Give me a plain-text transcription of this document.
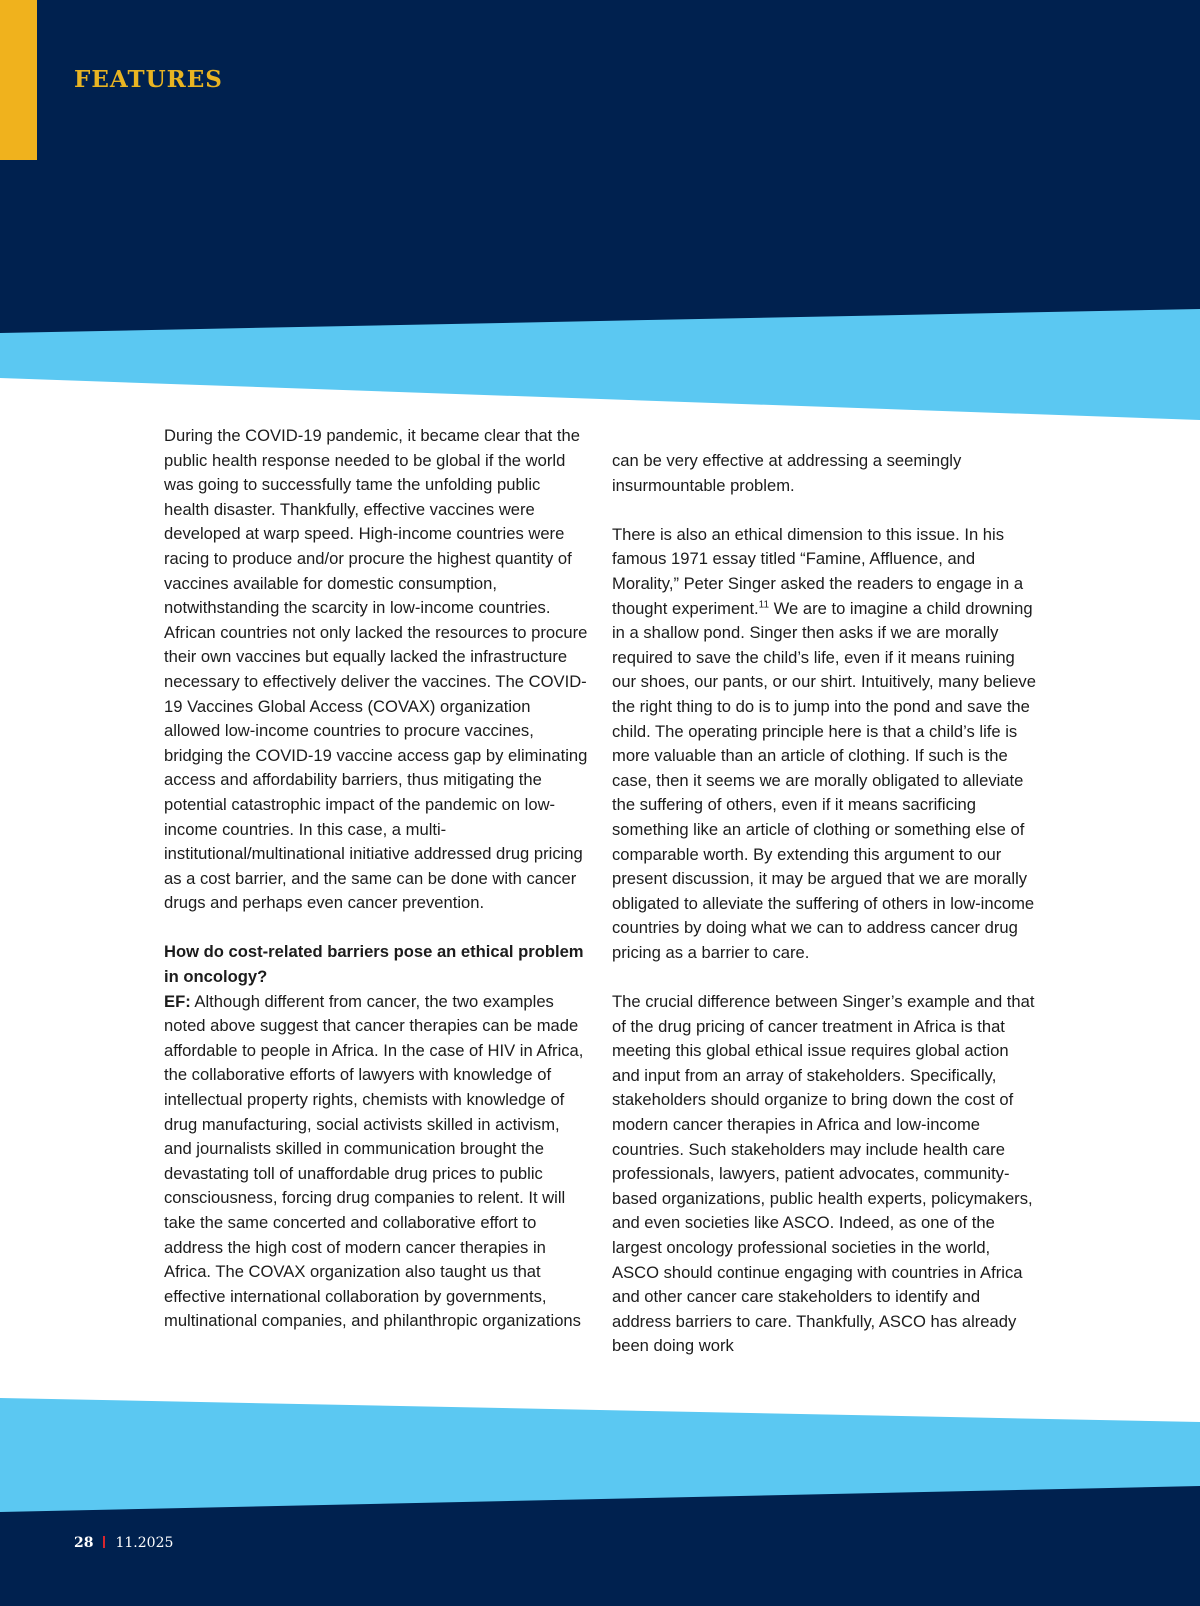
FEATURES

During the COVID-19 pandemic, it became clear that the public health response needed to be global if the world was going to successfully tame the unfolding public health disaster. Thankfully, effective vaccines were developed at warp speed. High-income countries were racing to produce and/or procure the highest quantity of vaccines available for domestic consumption, notwithstanding the scarcity in low-income countries. African countries not only lacked the resources to procure their own vaccines but equally lacked the infrastructure necessary to effectively deliver the vaccines. The COVID-19 Vaccines Global Access (COVAX) organization allowed low-income countries to procure vaccines, bridging the COVID-19 vaccine access gap by eliminating access and affordability barriers, thus mitigating the potential catastrophic impact of the pandemic on low-income countries. In this case, a multi-institutional/multinational initiative addressed drug pricing as a cost barrier, and the same can be done with cancer drugs and perhaps even cancer prevention.

How do cost-related barriers pose an ethical problem in oncology?

EF: Although different from cancer, the two examples noted above suggest that cancer therapies can be made affordable to people in Africa. In the case of HIV in Africa, the collaborative efforts of lawyers with knowledge of intellectual property rights, chemists with knowledge of drug manufacturing, social activists skilled in activism, and journalists skilled in communication brought the devastating toll of unaffordable drug prices to public consciousness, forcing drug companies to relent. It will take the same concerted and collaborative effort to address the high cost of modern cancer therapies in Africa. The COVAX organization also taught us that effective international collaboration by governments, multinational companies, and philanthropic organizations

can be very effective at addressing a seemingly insurmountable problem.

There is also an ethical dimension to this issue. In his famous 1971 essay titled “Famine, Affluence, and Morality,” Peter Singer asked the readers to engage in a thought experiment.$^{11}$ We are to imagine a child drowning in a shallow pond. Singer then asks if we are morally required to save the child’s life, even if it means ruining our shoes, our pants, or our shirt. Intuitively, many believe the right thing to do is to jump into the pond and save the child. The operating principle here is that a child’s life is more valuable than an article of clothing. If such is the case, then it seems we are morally obligated to alleviate the suffering of others, even if it means sacrificing something like an article of clothing or something else of comparable worth. By extending this argument to our present discussion, it may be argued that we are morally obligated to alleviate the suffering of others in low-income countries by doing what we can to address cancer drug pricing as a barrier to care.

The crucial difference between Singer’s example and that of the drug pricing of cancer treatment in Africa is that meeting this global ethical issue requires global action and input from an array of stakeholders. Specifically, stakeholders should organize to bring down the cost of modern cancer therapies in Africa and low-income countries. Such stakeholders may include health care professionals, lawyers, patient advocates, community-based organizations, public health experts, policymakers, and even societies like ASCO. Indeed, as one of the largest oncology professional societies in the world, ASCO should continue engaging with countries in Africa and other cancer care stakeholders to identify and address barriers to care. Thankfully, ASCO has already been doing work

28 11.2025
